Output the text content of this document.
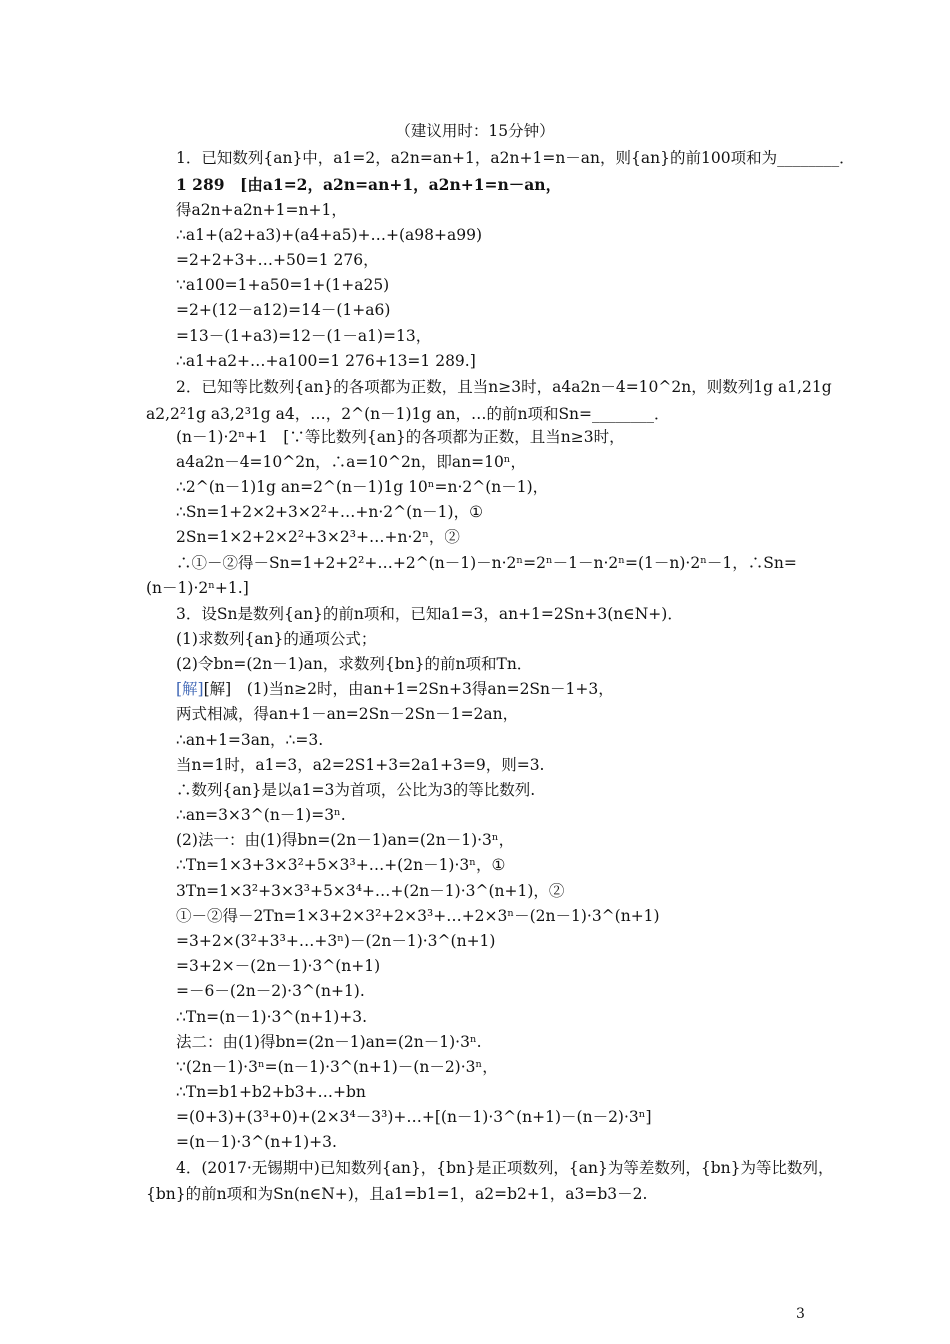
（建议用时：15分钟）
1．已知数列{an}中，a1=2，a2n=an+1，a2n+1=n－an，则{an}的前100项和为________．
1 289　[由a1=2，a2n=an+1，a2n+1=n－an，
得a2n+a2n+1=n+1，
∴a1+(a2+a3)+(a4+a5)+…+(a98+a99)
=2+2+3+…+50=1 276，
∵a100=1+a50=1+(1+a25)
=2+(12－a12)=14－(1+a6)
=13－(1+a3)=12－(1－a1)=13，
∴a1+a2+…+a100=1 276+13=1 289.]
2．已知等比数列{an}的各项都为正数，且当n≥3时，a4a2n－4=10^2n，则数列1g a1,21g
a2,2²1g a3,2³1g a4，…，2^(n－1)1g an，…的前n项和Sn=________．
(n－1)·2ⁿ+1　[∵等比数列{an}的各项都为正数，且当n≥3时，
a4a2n－4=10^2n，∴a=10^2n，即an=10ⁿ，
∴2^(n－1)1g an=2^(n－1)1g 10ⁿ=n·2^(n－1)，
∴Sn=1+2×2+3×2²+…+n·2^(n－1)，①
2Sn=1×2+2×2²+3×2³+…+n·2ⁿ，②
∴①－②得－Sn=1+2+2²+…+2^(n－1)－n·2ⁿ=2ⁿ－1－n·2ⁿ=(1－n)·2ⁿ－1，∴Sn=
(n－1)·2ⁿ+1.]
3．设Sn是数列{an}的前n项和，已知a1=3，an+1=2Sn+3(n∈N+)．
(1)求数列{an}的通项公式；
(2)令bn=(2n－1)an，求数列{bn}的前n项和Tn．
[解][解]　(1)当n≥2时，由an+1=2Sn+3得an=2Sn－1+3，
两式相减，得an+1－an=2Sn－2Sn－1=2an，
∴an+1=3an，∴=3.
当n=1时，a1=3，a2=2S1+3=2a1+3=9，则=3.
∴数列{an}是以a1=3为首项，公比为3的等比数列.
∴an=3×3^(n－1)=3ⁿ.
(2)法一：由(1)得bn=(2n－1)an=(2n－1)·3ⁿ，
∴Tn=1×3+3×3²+5×3³+…+(2n－1)·3ⁿ，①
3Tn=1×3²+3×3³+5×3⁴+…+(2n－1)·3^(n+1)，②
①－②得－2Tn=1×3+2×3²+2×3³+…+2×3ⁿ－(2n－1)·3^(n+1)
=3+2×(3²+3³+…+3ⁿ)－(2n－1)·3^(n+1)
=3+2×－(2n－1)·3^(n+1)
=－6－(2n－2)·3^(n+1).
∴Tn=(n－1)·3^(n+1)+3.
法二：由(1)得bn=(2n－1)an=(2n－1)·3ⁿ.
∵(2n－1)·3ⁿ=(n－1)·3^(n+1)－(n－2)·3ⁿ，
∴Tn=b1+b2+b3+…+bn
=(0+3)+(3³+0)+(2×3⁴－3³)+…+[(n－1)·3^(n+1)－(n－2)·3ⁿ]
=(n－1)·3^(n+1)+3.
4．(2017·无锡期中)已知数列{an}，{bn}是正项数列，{an}为等差数列，{bn}为等比数列，
{bn}的前n项和为Sn(n∈N+)，且a1=b1=1，a2=b2+1，a3=b3－2.
3
